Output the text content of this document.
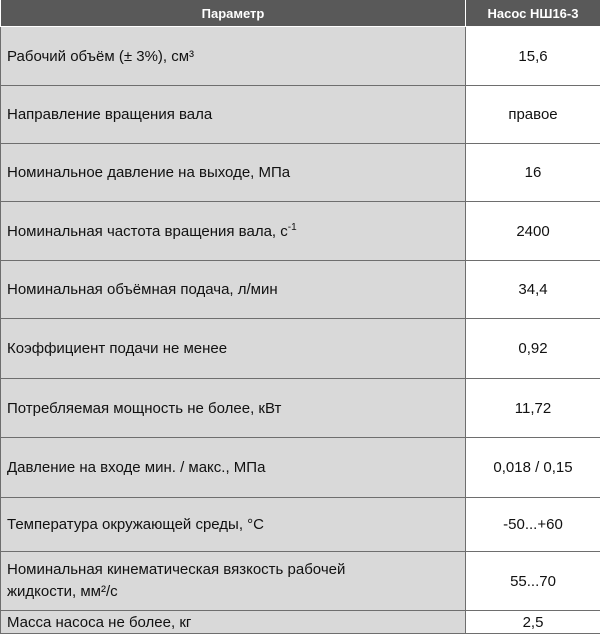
Параметр	Насос НШ16-3
Рабочий объём (± 3%), см³	15,6
Направление вращения вала	правое
Номинальное давление на выходе, МПа	16
Номинальная частота вращения вала, $с^{-1}$	2400
Номинальная объёмная подача, л/мин	34,4
Коэффициент подачи не менее	0,92
Потребляемая мощность не более, кВт	11,72
Давление на входе мин. / макс., МПа	0,018 / 0,15
Температура окружающей среды, °С	-50...+60
Номинальная кинематическая вязкость рабочей
жидкости, мм²/с	55...70
Масса насоса не более, кг	2,5
